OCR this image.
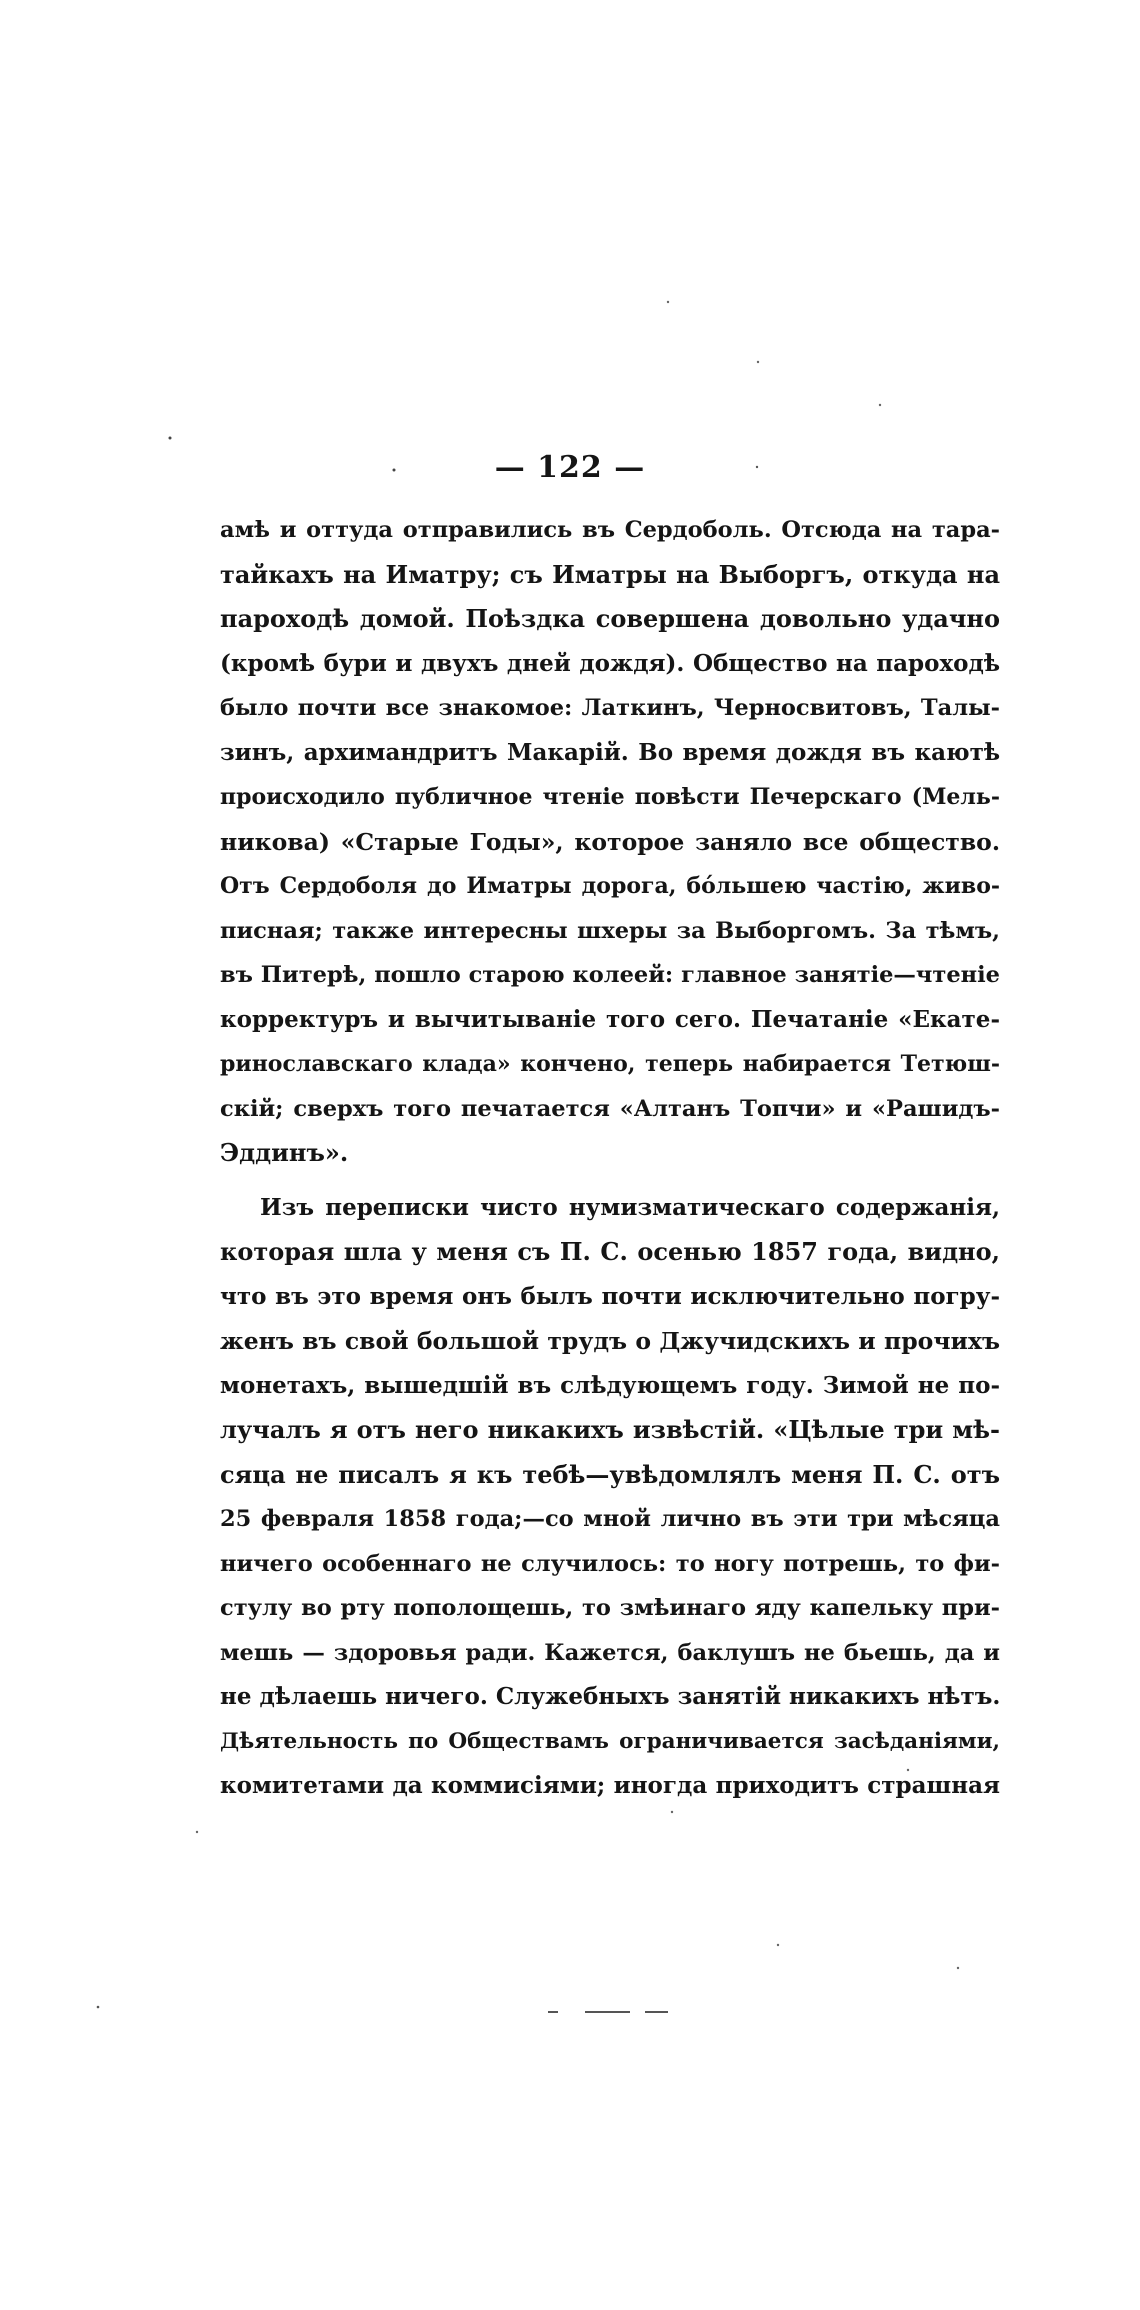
— 122 —
амѣ и оттуда отправились въ Сердоболь. Отсюда на тара-
тайкахъ на Иматру; съ Иматры на Выборгъ, откуда на
пароходѣ домой. Поѣздка совершена довольно удачно
(кромѣ бури и двухъ дней дождя). Общество на пароходѣ
было почти все знакомое: Латкинъ, Черносвитовъ, Талы-
зинъ, архимандритъ Макарій. Во время дождя въ каютѣ
происходило публичное чтеніе повѣсти Печерскаго (Мель-
никова) «Старые Годы», которое заняло все общество.
Отъ Сердоболя до Иматры дорога, бо́льшею частію, живо-
писная; также интересны шхеры за Выборгомъ. За тѣмъ,
въ Питерѣ, пошло старою колеей: главное занятіе—чтеніе
корректуръ и вычитываніе того сего. Печатаніе «Екате-
ринославскаго клада» кончено, теперь набирается Тетюш-
скій; сверхъ того печатается «Алтанъ Топчи» и «Рашидъ-
Эддинъ».
Изъ переписки чисто нумизматическаго содержанія,
которая шла у меня съ П. С. осенью 1857 года, видно,
что въ это время онъ былъ почти исключительно погру-
женъ въ свой большой трудъ о Джучидскихъ и прочихъ
монетахъ, вышедшій въ слѣдующемъ году. Зимой не по-
лучалъ я отъ него никакихъ извѣстій. «Цѣлые три мѣ-
сяца не писалъ я къ тебѣ—увѣдомлялъ меня П. С. отъ
25 февраля 1858 года;—со мной лично въ эти три мѣсяца
ничего особеннаго не случилось: то ногу потрешь, то фи-
стулу во рту пополощешь, то змѣинаго яду капельку при-
мешь — здоровья ради. Кажется, баклушъ не бьешь, да и
не дѣлаешь ничего. Служебныхъ занятій никакихъ нѣтъ.
Дѣятельность по Обществамъ ограничивается засѣданіями,
комитетами да коммисіями; иногда приходитъ страшная
